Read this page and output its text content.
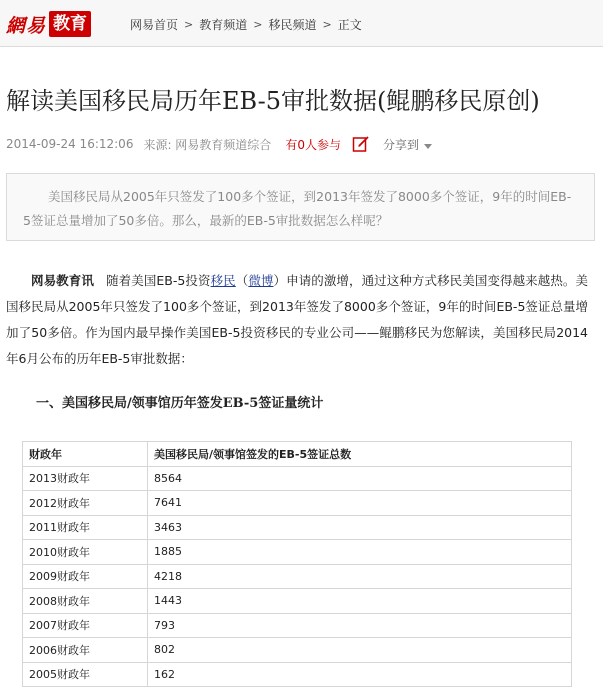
網易 教育	网易首页 > 教育频道 > 移民频道 > 正文
解读美国移民局历年EB-5审批数据(鲲鹏移民原创)
2014-09-24 16:12:06 来源: 网易教育频道综合 有0人参与	分享到
美国移民局从2005年只签发了100多个签证，到2013年签发了8000多个签证，9年的时间EB-5签证总量增加了50多倍。那么，最新的EB-5审批数据怎么样呢？

网易教育讯 随着美国EB-5投资移民（微博）申请的激增，通过这种方式移民美国变得越来越热。美国移民局从2005年只签发了100多个签证，到2013年签发了8000多个签证，9年的时间EB-5签证总量增加了50多倍。作为国内最早操作美国EB-5投资移民的专业公司——鲲鹏移民为您解读，美国移民局2014年6月公布的历年EB-5审批数据：

一、美国移民局/领事馆历年签发EB-5签证量统计
财政年	美国移民局/领事馆签发的EB-5签证总数
2013财政年	8564
2012财政年	7641
2011财政年	3463
2010财政年	1885
2009财政年	4218
2008财政年	1443
2007财政年	793
2006财政年	802
2005财政年	162
